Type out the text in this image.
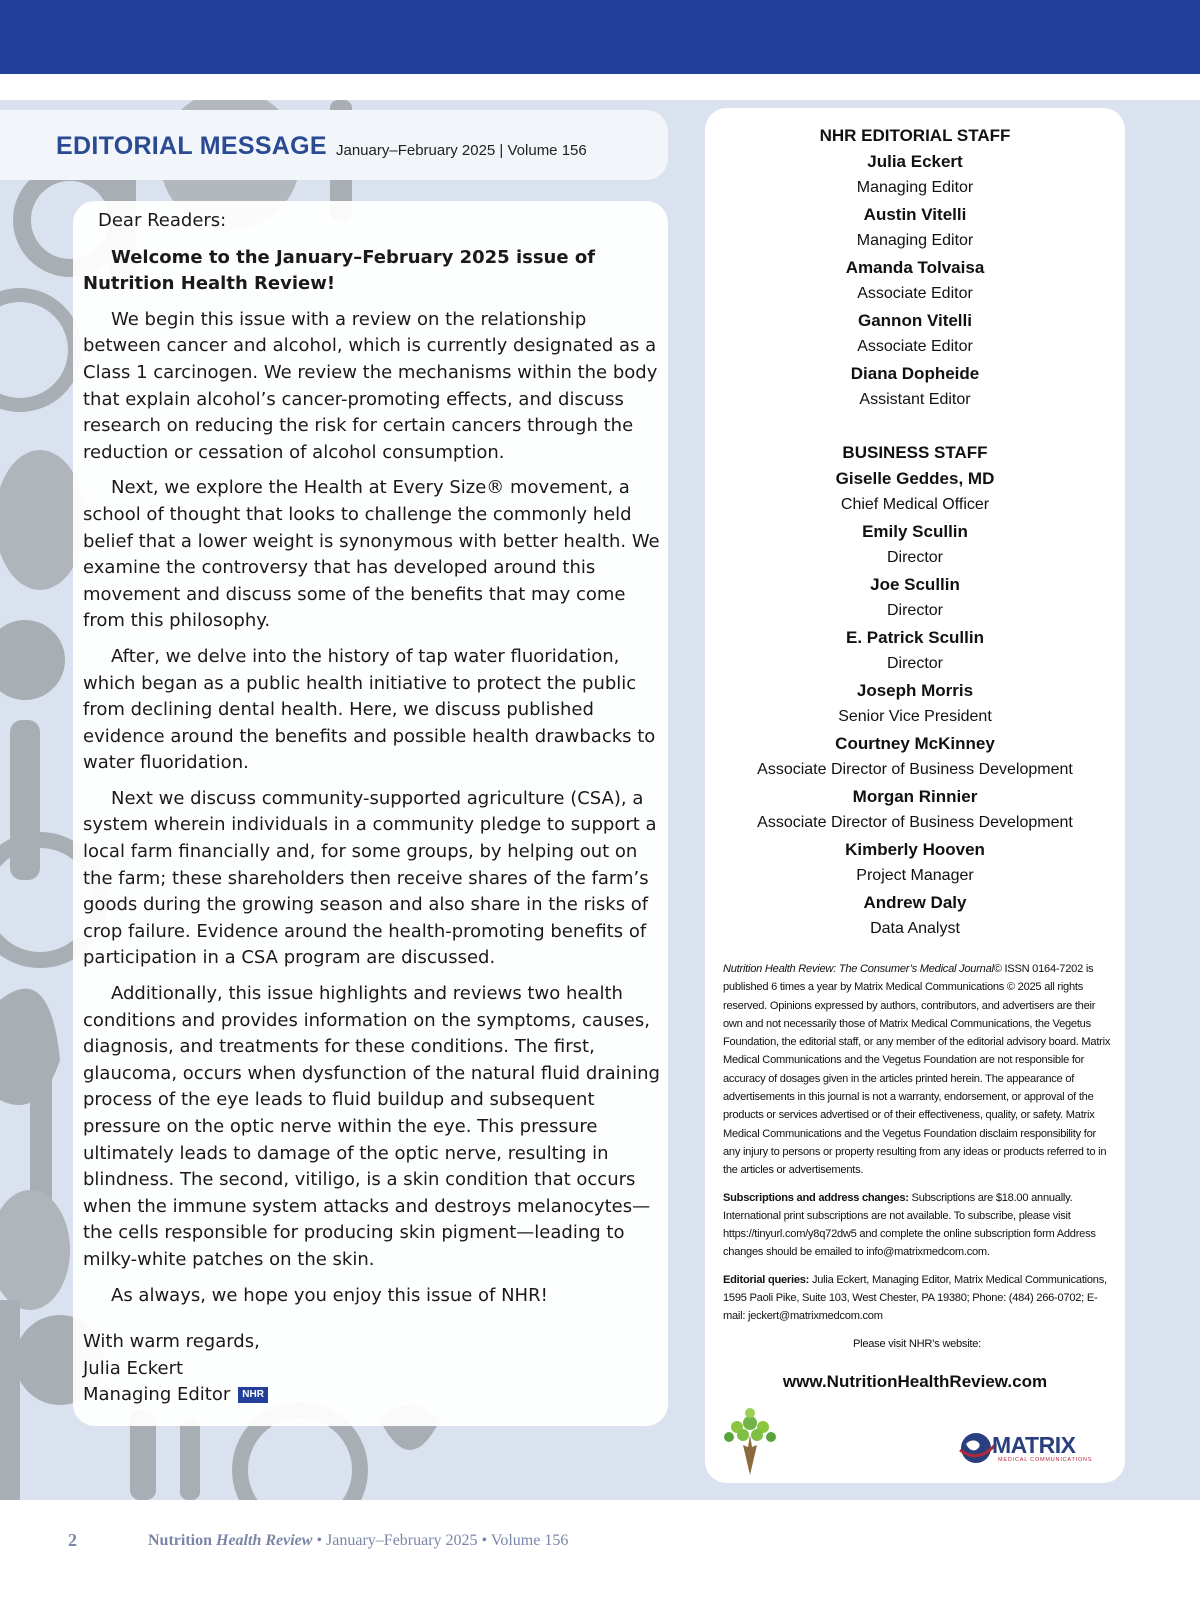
EDITORIAL MESSAGE January–February 2025 | Volume 156

Dear Readers:

Welcome to the January–February 2025 issue of Nutrition Health Review!

We begin this issue with a review on the relationship between cancer and alcohol, which is currently designated as a Class 1 carcinogen. We review the mechanisms within the body that explain alcohol’s cancer-promoting effects, and discuss research on reducing the risk for certain cancers through the reduction or cessation of alcohol consumption.

Next, we explore the Health at Every Size® movement, a school of thought that looks to challenge the commonly held belief that a lower weight is synonymous with better health. We examine the controversy that has developed around this movement and discuss some of the benefits that may come from this philosophy.

After, we delve into the history of tap water fluoridation, which began as a public health initiative to protect the public from declining dental health. Here, we discuss published evidence around the benefits and possible health drawbacks to water fluoridation.

Next we discuss community-supported agriculture (CSA), a system wherein individuals in a community pledge to support a local farm financially and, for some groups, by helping out on the farm; these shareholders then receive shares of the farm’s goods during the growing season and also share in the risks of crop failure. Evidence around the health-promoting benefits of participation in a CSA program are discussed.

Additionally, this issue highlights and reviews two health conditions and provides information on the symptoms, causes, diagnosis, and treatments for these conditions. The first, glaucoma, occurs when dysfunction of the natural fluid draining process of the eye leads to fluid buildup and subsequent pressure on the optic nerve within the eye. This pressure ultimately leads to damage of the optic nerve, resulting in blindness. The second, vitiligo, is a skin condition that occurs when the immune system attacks and destroys melanocytes—the cells responsible for producing skin pigment—leading to milky-white patches on the skin.

As always, we hope you enjoy this issue of NHR!

With warm regards,
Julia Eckert
Managing Editor NHR
NHR EDITORIAL STAFF
Julia Eckert
Managing Editor
Austin Vitelli
Managing Editor
Amanda Tolvaisa
Associate Editor
Gannon Vitelli
Associate Editor
Diana Dopheide
Assistant Editor
BUSINESS STAFF
Giselle Geddes, MD
Chief Medical Officer
Emily Scullin
Director
Joe Scullin
Director
E. Patrick Scullin
Director
Joseph Morris
Senior Vice President
Courtney McKinney
Associate Director of Business Development
Morgan Rinnier
Associate Director of Business Development
Kimberly Hooven
Project Manager
Andrew Daly
Data Analyst

Nutrition Health Review: The Consumer’s Medical Journal© ISSN 0164-7202 is published 6 times a year by Matrix Medical Communications © 2025 all rights reserved. Opinions expressed by authors, contributors, and advertisers are their own and not necessarily those of Matrix Medical Communications, the Vegetus Foundation, the editorial staff, or any member of the editorial advisory board. Matrix Medical Communications and the Vegetus Foundation are not responsible for accuracy of dosages given in the articles printed herein. The appearance of advertisements in this journal is not a warranty, endorsement, or approval of the products or services advertised or of their effectiveness, quality, or safety. Matrix Medical Communications and the Vegetus Foundation disclaim responsibility for any injury to persons or property resulting from any ideas or products referred to in the articles or advertisements.

Subscriptions and address changes: Subscriptions are $18.00 annually. International print subscriptions are not available. To subscribe, please visit https://tinyurl.com/y8q72dw5 and complete the online subscription form Address changes should be emailed to info@matrixmedcom.com.

Editorial queries: Julia Eckert, Managing Editor, Matrix Medical Communications, 1595 Paoli Pike, Suite 103, West Chester, PA 19380; Phone: (484) 266-0702; E-mail: jeckert@matrixmedcom.com

Please visit NHR’s website:

www.NutritionHealthReview.com
MATRIX
MEDICAL COMMUNICATIONS
2	Nutrition Health Review • January–February 2025 • Volume 156
